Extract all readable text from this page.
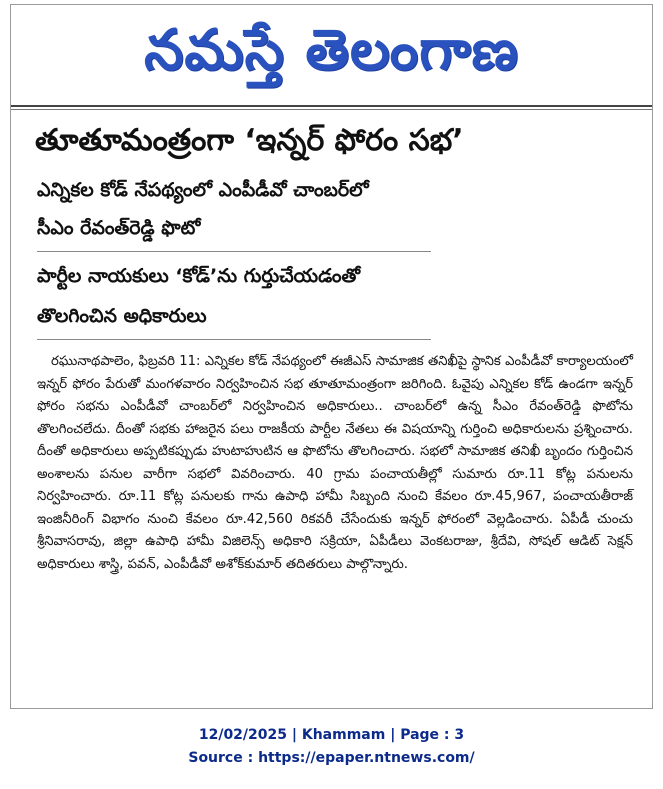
నమస్తే తెలంగాణ
తూతూమంత్రంగా ‘ఇన్నర్ ఫోరం సభ’
ఎన్నికల కోడ్ నేపథ్యంలో ఎంపీడీవో చాంబర్‌లో
సీఎం రేవంత్‌రెడ్డి ఫొటో
పార్టీల నాయకులు ‘కోడ్’ను గుర్తుచేయడంతో
తొలగించిన అధికారులు
రఘునాథపాలెం, ఫిబ్రవరి 11: ఎన్నికల కోడ్ నేపథ్యంలో ఈజీఎస్ సామాజిక తనిఖీపై స్థానిక ఎంపీడీవో కార్యాలయంలో ఇన్నర్ ఫోరం పేరుతో మంగళవారం నిర్వహించిన సభ తూతూమంత్రంగా జరిగింది. ఓవైపు ఎన్నికల కోడ్ ఉండగా ఇన్నర్ ఫోరం సభను ఎంపీడీవో చాంబర్‌లో నిర్వహించిన అధికారులు.. చాంబర్‌లో ఉన్న సీఎం రేవంత్‌రెడ్డి ఫొటోను తొలగించలేదు. దీంతో సభకు హాజరైన పలు రాజకీయ పార్టీల నేతలు ఈ విషయాన్ని గుర్తించి అధికారులను ప్రశ్నించారు. దీంతో అధికారులు అప్పటికప్పుడు హుటాహుటిన ఆ ఫొటోను తొలగించారు. సభలో సామాజిక తనిఖీ బృందం గుర్తించిన అంశాలను పనుల వారీగా సభలో వివరించారు. 40 గ్రామ పంచాయతీల్లో సుమారు రూ.11 కోట్ల పనులను నిర్వహించారు. రూ.11 కోట్ల పనులకు గాను ఉపాధి హామీ సిబ్బంది నుంచి కేవలం రూ.45,967, పంచాయతీరాజ్ ఇంజినీరింగ్ విభాగం నుంచి కేవలం రూ.42,560 రికవరీ చేసేందుకు ఇన్నర్ ఫోరంలో వెల్లడించారు. ఏపీడీ చుంచు శ్రీనివాసరావు, జిల్లా ఉపాధి హామీ విజిలెన్స్ అధికారి సక్రియా, ఏపీడీలు వెంకటరాజు, శ్రీదేవి, సోషల్ ఆడిట్ సెక్షన్ అధికారులు శాస్త్రి, పవన్, ఎంపీడీవో అశోక్‌కుమార్ తదితరులు పాల్గొన్నారు.
12/02/2025 | Khammam | Page : 3
Source : https://epaper.ntnews.com/
